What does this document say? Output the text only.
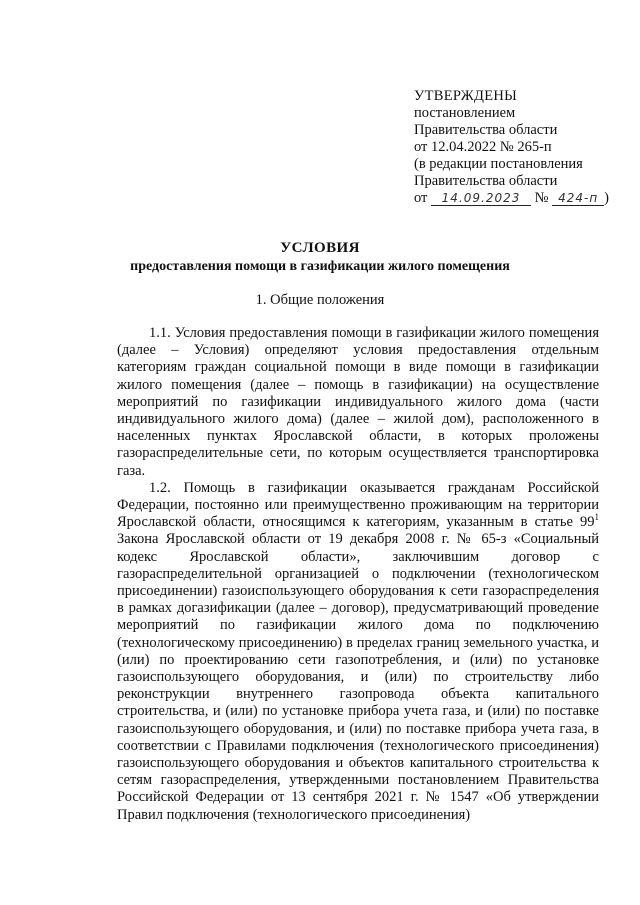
УТВЕРЖДЕНЫ
постановлением
Правительства области
от 12.04.2022 № 265-п
(в редакции постановления
Правительства области
от 14.09.2023 № 424-п )
УСЛОВИЯ
предоставления помощи в газификации жилого помещения
1. Общие положения

1.1. Условия предоставления помощи в газификации жилого помещения (далее – Условия) определяют условия предоставления отдельным категориям граждан социальной помощи в виде помощи в газификации жилого помещения (далее – помощь в газификации) на осуществление мероприятий по газификации индивидуального жилого дома (части индивидуального жилого дома) (далее – жилой дом), расположенного в населенных пунктах Ярославской области, в которых проложены газораспределительные сети, по которым осуществляется транспортировка газа.

1.2. Помощь в газификации оказывается гражданам Российской Федерации, постоянно или преимущественно проживающим на территории Ярославской области, относящимся к категориям, указанным в статье $99^1$ Закона Ярославской области от 19 декабря 2008 г. № 65-з «Социальный кодекс Ярославской области», заключившим договор с газораспределительной организацией о подключении (технологическом присоединении) газоиспользующего оборудования к сети газораспределения в рамках догазификации (далее – договор), предусматривающий проведение мероприятий по газификации жилого дома по подключению (технологическому присоединению) в пределах границ земельного участка, и (или) по проектированию сети газопотребления, и (или) по установке газоиспользующего оборудования, и (или) по строительству либо реконструкции внутреннего газопровода объекта капитального строительства, и (или) по установке прибора учета газа, и (или) по поставке газоиспользующего оборудования, и (или) по поставке прибора учета газа, в соответствии с Правилами подключения (технологического присоединения) газоиспользующего оборудования и объектов капитального строительства к сетям газораспределения, утвержденными постановлением Правительства Российской Федерации от 13 сентября 2021 г. № 1547 «Об утверждении Правил подключения (технологического присоединения)
